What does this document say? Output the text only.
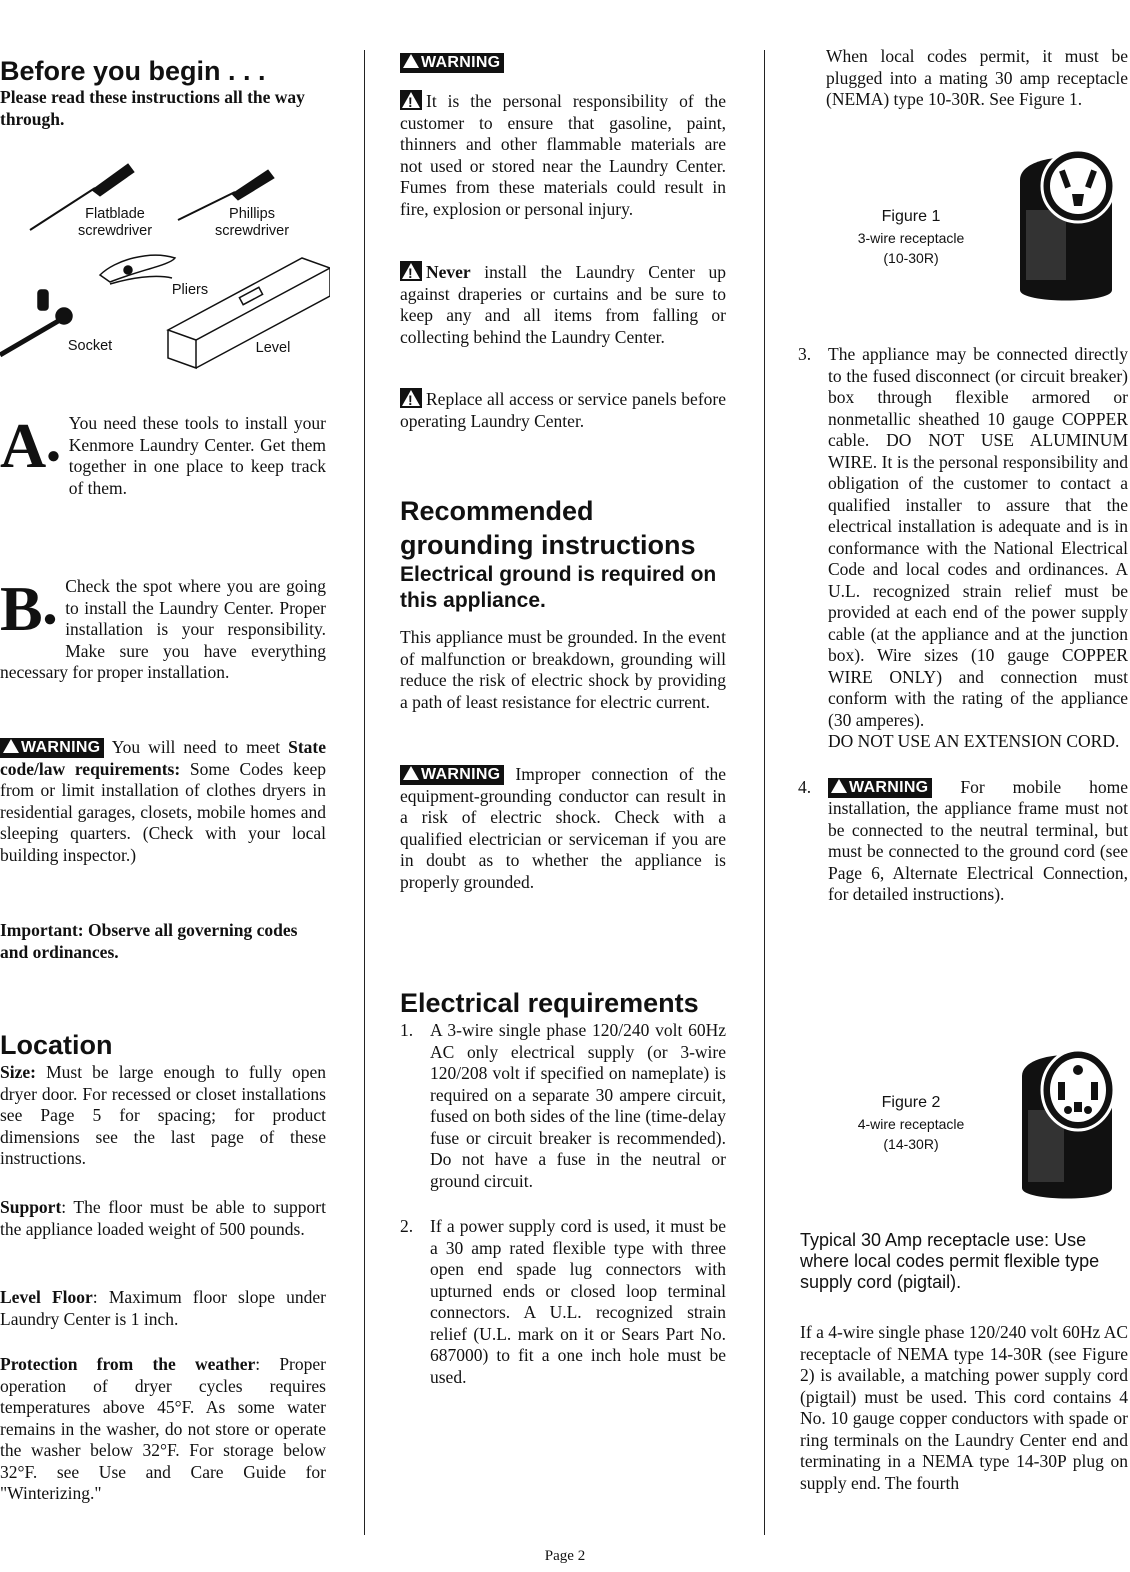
Before you begin . . .

Please read these instructions all the way through.

Flatblade
screwdriver
Phillips
screwdriver
Pliers
Socket	Level
A●

You need these tools to install your Kenmore Laundry Center. Get them together in one place to keep track of them.

B●

Check the spot where you are going to install the Laundry Center. Proper installation is your responsibility. Make sure you have everything necessary for proper installation.

WARNING You will need to meet State code/law requirements: Some Codes keep from or limit installation of clothes dryers in residential garages, closets, mobile homes and sleeping quarters. (Check with your local building inspector.)

Important: Observe all governing codes and ordinances.

Location

Size: Must be large enough to fully open dryer door. For recessed or closet installations see Page 5 for spacing; for product dimensions see the last page of these instructions.

Support: The floor must be able to support the appliance loaded weight of 500 pounds.

Level Floor: Maximum floor slope under Laundry Center is 1 inch.

Protection from the weather: Proper operation of dryer cycles requires temperatures above 45°F. As some water remains in the washer, do not store or operate the washer below 32°F. For storage below 32°F. see Use and Care Guide for "Winterizing."

WARNING

!It is the personal responsibility of the customer to ensure that gasoline, paint, thinners and other flammable materials are not used or stored near the Laundry Center. Fumes from these materials could result in fire, explosion or personal injury.

!Never install the Laundry Center up against draperies or curtains and be sure to keep any and all items from falling or collecting behind the Laundry Center.

!Replace all access or service panels before operating Laundry Center.

Recommended grounding instructions
Electrical ground is required on this appliance.

This appliance must be grounded. In the event of malfunction or breakdown, grounding will reduce the risk of electric shock by providing a path of least resistance for electric current.

WARNING Improper connection of the equipment-grounding conductor can result in a risk of electric shock. Check with a qualified electrician or serviceman if you are in doubt as to whether the appliance is properly grounded.

Electrical requirements
1. A 3-wire single phase 120/240 volt 60Hz AC only electrical supply (or 3-wire 120/208 volt if specified on nameplate) is required on a separate 30 ampere circuit, fused on both sides of the line (time-delay fuse or circuit breaker is recommended). Do not have a fuse in the neutral or ground circuit.
2. If a power supply cord is used, it must be a 30 amp rated flexible type with three open end spade lug connectors with upturned ends or closed loop terminal connectors. A U.L. recognized strain relief (U.L. mark on it or Sears Part No. 687000) to fit a one inch hole must be used.

When local codes permit, it must be plugged into a mating 30 amp receptacle (NEMA) type 10-30R. See Figure 1.

Figure 1
3-wire receptacle
(10-30R)
3. The appliance may be connected directly to the fused disconnect (or circuit breaker) box through flexible armored or nonmetallic sheathed 10 gauge COPPER cable. DO NOT USE ALUMINUM WIRE. It is the personal responsibility and obligation of the customer to contact a qualified installer to assure that the electrical installation is adequate and is in conformance with the National Electrical Code and local codes and ordinances. A U.L. recognized strain relief must be provided at each end of the power supply cable (at the appliance and at the junction box). Wire sizes (10 gauge COPPER WIRE ONLY) and connection must conform with the rating of the appliance (30 amperes).
DO NOT USE AN EXTENSION CORD.
4. WARNING For mobile home installation, the appliance frame must not be connected to the neutral terminal, but must be connected to the ground cord (see Page 6, Alternate Electrical Connection, for detailed instructions).
Figure 2
4-wire receptacle
(14-30R)

Typical 30 Amp receptacle use: Use where local codes permit flexible type supply cord (pigtail).

If a 4-wire single phase 120/240 volt 60Hz AC receptacle of NEMA type 14-30R (see Figure 2) is available, a matching power supply cord (pigtail) must be used. This cord contains 4 No. 10 gauge copper conductors with spade or ring terminals on the Laundry Center end and terminating in a NEMA type 14-30P plug on supply end. The fourth

Page 2
